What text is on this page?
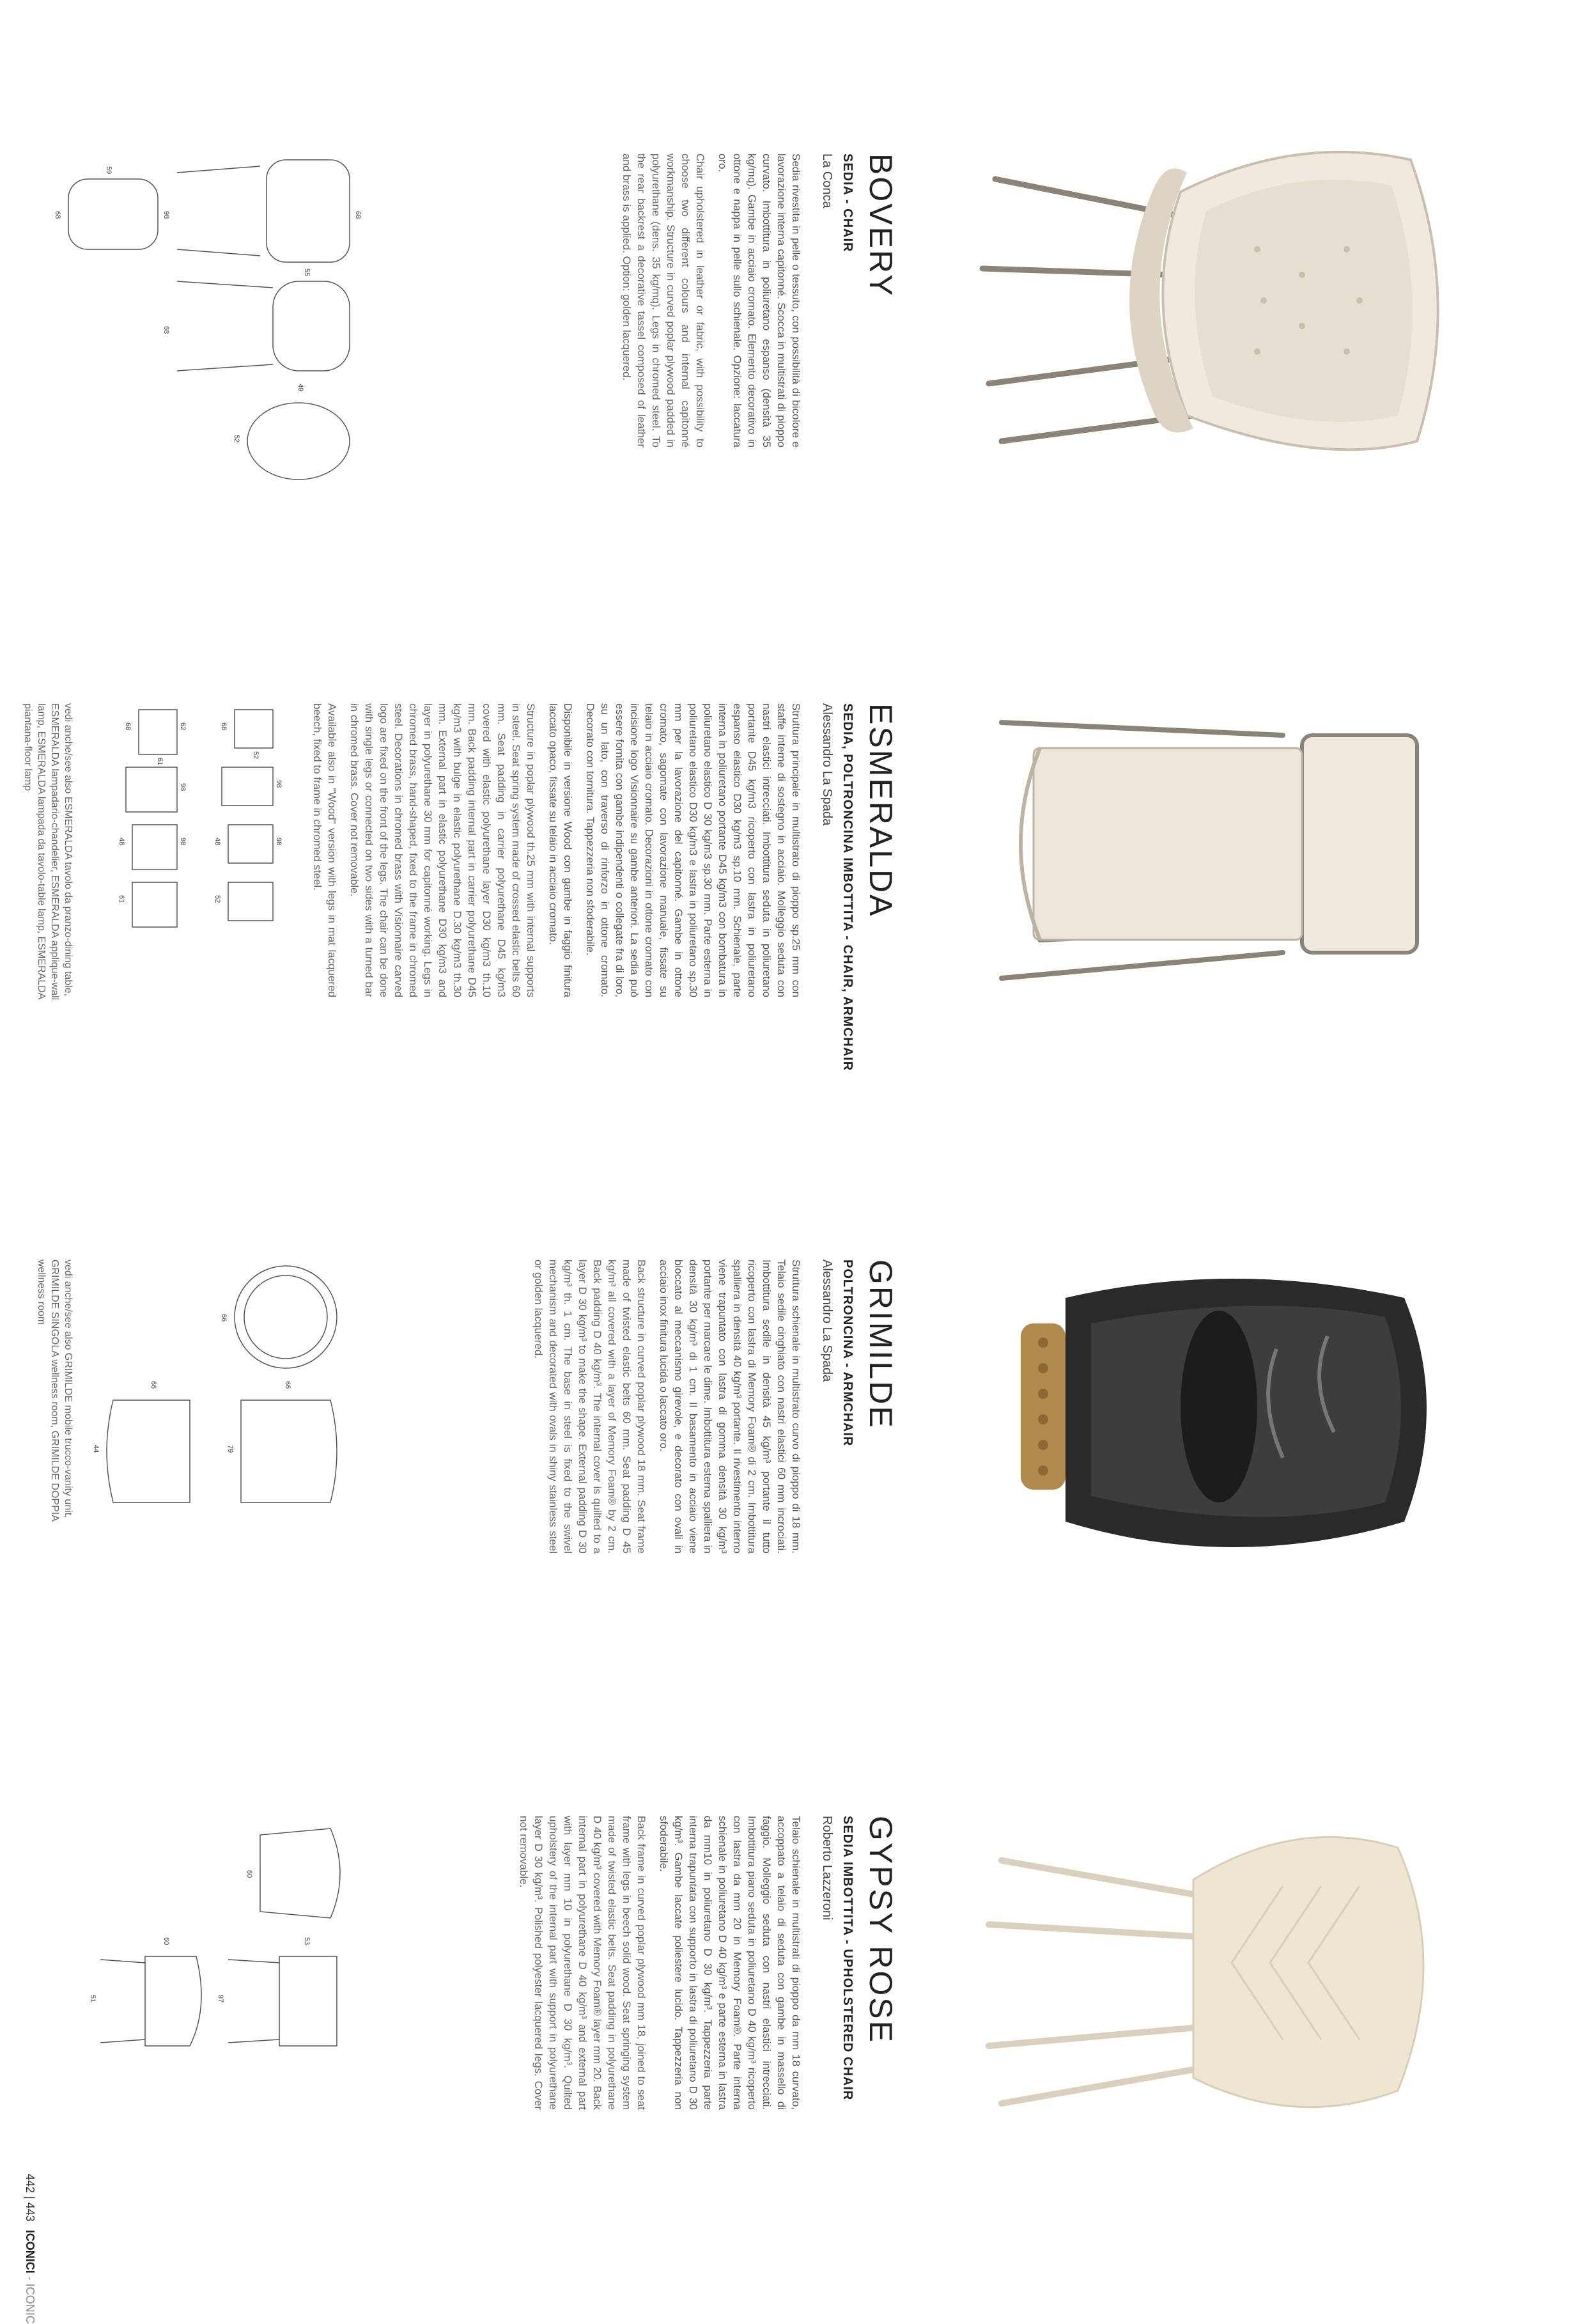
BOVERY
SEDIA - CHAIR
La Conca

Sedia rivestita in pelle o tessuto, con possibilità di bicolore e lavorazione interna capitonné. Scocca in multistrati di pioppo curvato. Imbottitura in poliuretano espanso (densità 35 kg/mq). Gambe in acciaio cromato. Elemento decorativo in ottone e nappa in pelle sullo schienale. Opzione: laccatura oro.

Chair upholstered in leather or fabric, with possibility to choose two different colours and internal capitonné workmanship. Structure in curved poplar plywood padded in polyurethane (dens. 35 kg/mq). Legs in chromed steel. To the rear backrest a decorative tassel composed of leather and brass is applied. Option: golden lacquered.

68
98
55
59
68
68
49
52
ESMERALDA
SEDIA, POLTRONCINA IMBOTTITA - CHAIR, ARMCHAIR
Alessandro La Spada

Struttura principale in multistrato di pioppo sp.25 mm con staffe interne di sostegno in acciaio. Molleggio seduta con nastri elastici intrecciati. Imbottitura seduta in poliuretano portante D45 kg/m3 ricoperto con lastra in poliuretano espanso elastico D30 kg/m3 sp.10 mm. Schienale, parte interna in poliuretano portante D45 kg/m3 con bombatura in poliuretano elastico D 30 kg/m3 sp.30 mm. Parte esterna in poliuretano elastico D30 kg/m3 e lastra in poliuretano sp.30 mm per la lavorazione del capitonné. Gambe in ottone cromato, sagomate con lavorazione manuale, fissate su telaio in acciaio cromato. Decorazioni in ottone cromato con incisione logo Visionnaire su gambe anteriori. La sedia può essere fornita con gambe indipendenti o collegate fra di loro, su un lato, con traverso di rinforzo in ottone cromato. Decorato con tornitura. Tappezzeria non sfoderabile.

Disponibile in versione Wood con gambe in faggio finitura laccato opaco, fissate su telaio in acciaio cromato.

Structure in poplar plywood th.25 mm with internal supports in steel. Seat spring system made of crossed elastic belts 60 mm. Seat padding in carrier polyurethane D45 kg/m3 covered with elastic polyurethane layer D30 kg/m3 th.10 mm. Back padding internal part in carrier polyurethane D45 kg/m3 with bulge in elastic polyurethane D.30 kg/m3 th.30 mm. External part in elastic polyurethane D30 kg/m3 and layer in polyurethane 30 mm for capitonné working. Legs in chromed brass, hand-shaped, fixed to the frame in chromed steel. Decorations in chromed brass with Visionnaire carved logo are fixed on the front of the legs. The chair can be done with single legs or connected on two sides with a turned bar in chromed brass. Cover not removable.

Available also in "Wood" version with legs in mat lacquered beech, fixed to frame in chromed steel.

52
98
68
48	98
52
62
61
98
68
48	98
61
vedi anche/see also ESMERALDA tavolo da pranzo-dining table, ESMERALDA lampadario-chandelier, ESMERALDA applique-wall lamp, ESMERALDA lampada da tavolo-table lamp, ESMERALDA piantana-floor lamp
GRIMILDE
POLTRONCINA - ARMCHAIR
Alessandro La Spada

Struttura schienale in multistrato curvo di pioppo di 18 mm. Telaio sedile cinghiato con nastri elastici 60 mm incrociati. Imbottitura sedile in densità 45 kg/m³ portante il tutto ricoperto con lastra di Memory Foam® di 2 cm. Imbottitura spalliera in densità 40 kg/m³ portante. Il rivestimento interno viene trapuntato con lastra di gomma densità 30 kg/m³ portante per marcare le dime. Imbottitura esterna spalliera in densità 30 kg/m³ di 1 cm. Il basamento in acciaio viene bloccato al meccanismo girevole, e decorato con ovali in acciaio inox finitura lucida o laccato oro.

Back structure in curved poplar plywood 18 mm. Seat frame made of twisted elastic belts 60 mm. Seat padding D 45 kg/m³ all covered with a layer of Memory Foam® by 2 cm. Back padding D 40 kg/m³. The internal cover is quilted to a layer D 30 kg/m³ to make the shape. External padding D 30 kg/m³ th. 1 cm. The base in steel is fixed to the swivel mechanism and decorated with ovals in shiny stainless steel or golden lacquered.

66
66
79
66
44
vedi anche/see also GRIMILDE mobile trucco-vanity unit, GRIMILDE SINGOLA wellness room, GRIMILDE DOPPIA wellness room
GYPSY ROSE
SEDIA IMBOTTITA - UPHOLSTERED CHAIR
Roberto Lazzeroni

Telaio schienale in multistrati di pioppo da mm 18 curvato, accoppato a telaio di seduta con gambe in massello di faggio. Molleggio seduta con nastri elastici intrecciati. Imbottitura piano seduta in poliuretano D 40 kg/m³ ricoperto con lastra da mm 20 in Memory Foam®. Parte interna schienale in poliuretano D 40 kg/m³ e parte esterna in lastra da mm10 in poliuretano D 30 kg/m³. Tappezzeria parte interna trapuntata con supporto in lastra di poliuretano D 30 kg/m³. Gambe laccate poliestere lucido. Tappezzeria non sfoderabile.

Back frame in curved poplar plywood mm 18, joined to seat frame with legs in beech solid wood. Seat springing system made of twisted elastic belts. Seat padding in polyurethane D 40 kg/m³ covered with Memory Foam® layer mm 20. Back internal part in polyurethane D 40 kg/m³ and external part with layer mm 10 in polyurethane D 30 kg/m³. Quilted upholstery of the internal part with support in polyurethane layer D 30 kg/m³. Polished polyester lacquered legs. Cover not removable.

53
97
60
60
51
442 | 443 ICONICI - ICONIC
